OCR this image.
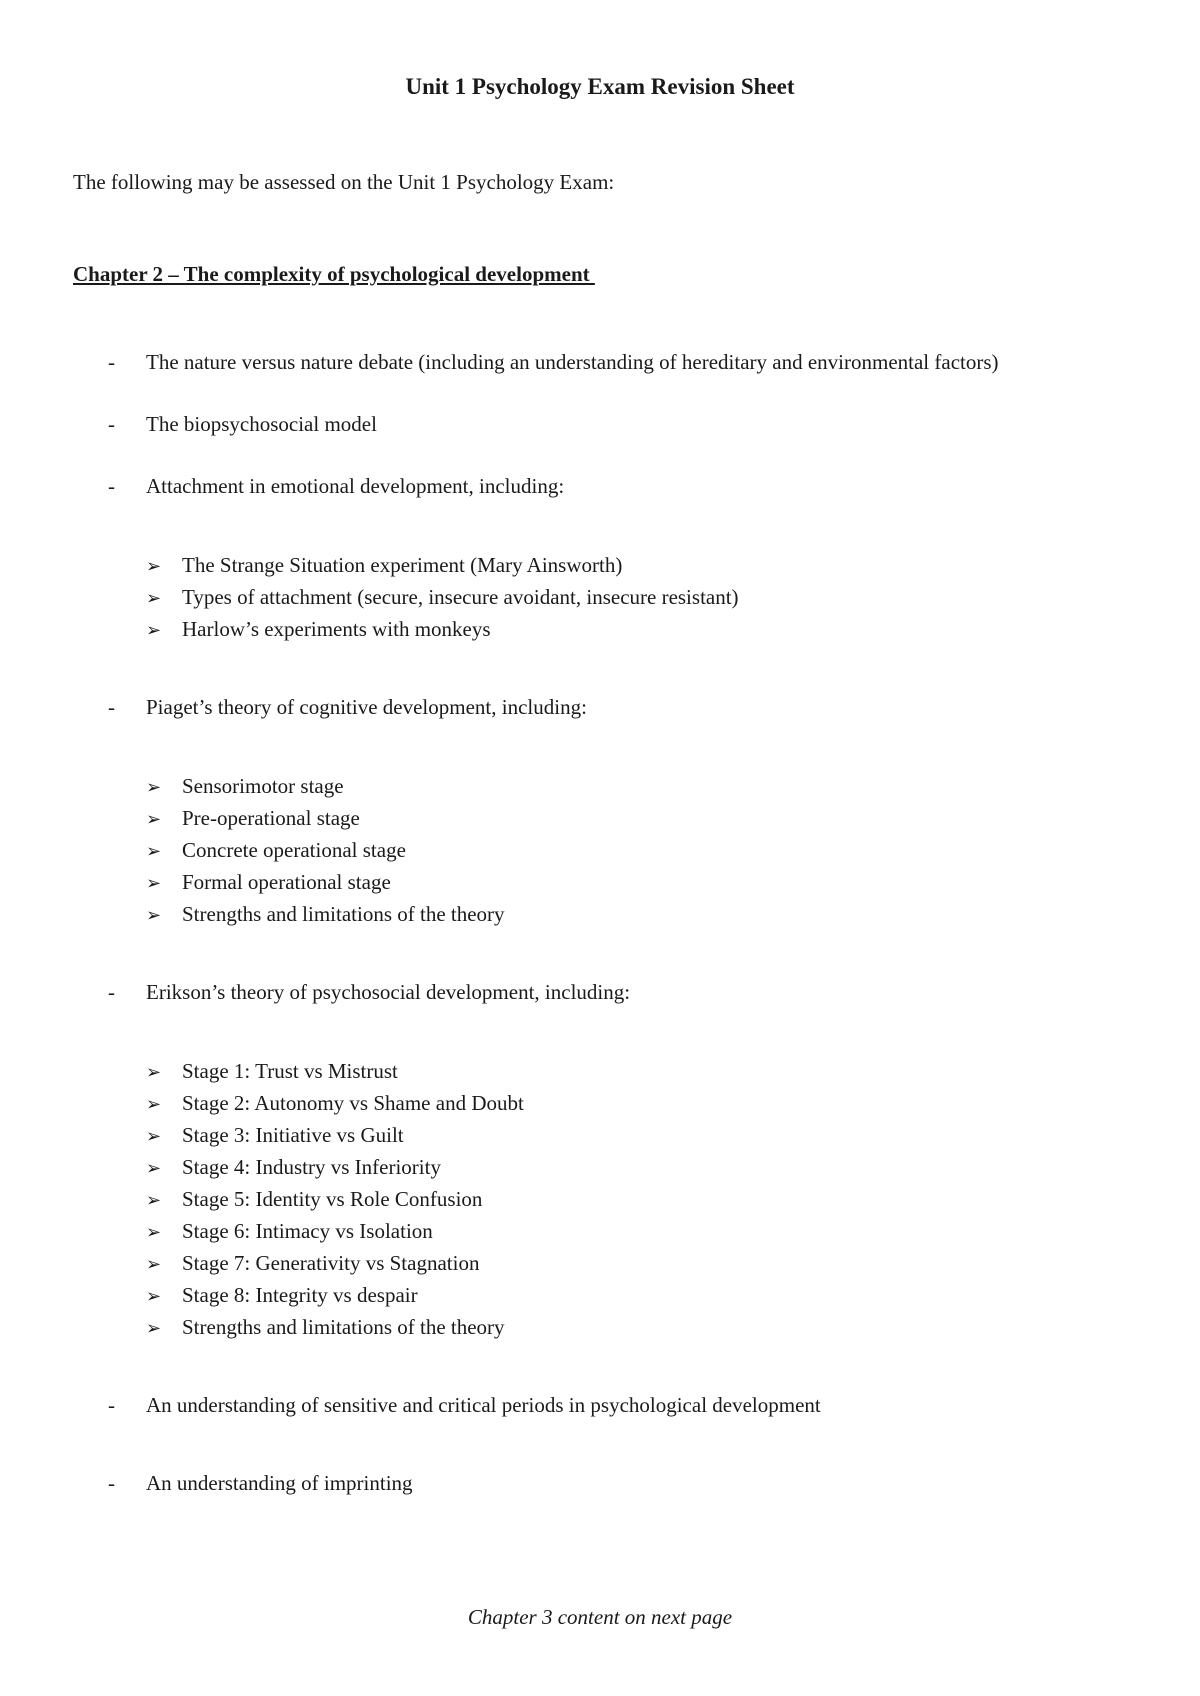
Unit 1 Psychology Exam Revision Sheet
The following may be assessed on the Unit 1 Psychology Exam:
Chapter 2 – The complexity of psychological development
- The nature versus nature debate (including an understanding of hereditary and environmental factors)
- The biopsychosocial model
- Attachment in emotional development, including:
➢ The Strange Situation experiment (Mary Ainsworth)
➢ Types of attachment (secure, insecure avoidant, insecure resistant)
➢ Harlow’s experiments with monkeys
- Piaget’s theory of cognitive development, including:
➢ Sensorimotor stage
➢ Pre-operational stage
➢ Concrete operational stage
➢ Formal operational stage
➢ Strengths and limitations of the theory
- Erikson’s theory of psychosocial development, including:
➢ Stage 1: Trust vs Mistrust
➢ Stage 2: Autonomy vs Shame and Doubt
➢ Stage 3: Initiative vs Guilt
➢ Stage 4: Industry vs Inferiority
➢ Stage 5: Identity vs Role Confusion
➢ Stage 6: Intimacy vs Isolation
➢ Stage 7: Generativity vs Stagnation
➢ Stage 8: Integrity vs despair
➢ Strengths and limitations of the theory
- An understanding of sensitive and critical periods in psychological development
- An understanding of imprinting
Chapter 3 content on next page
